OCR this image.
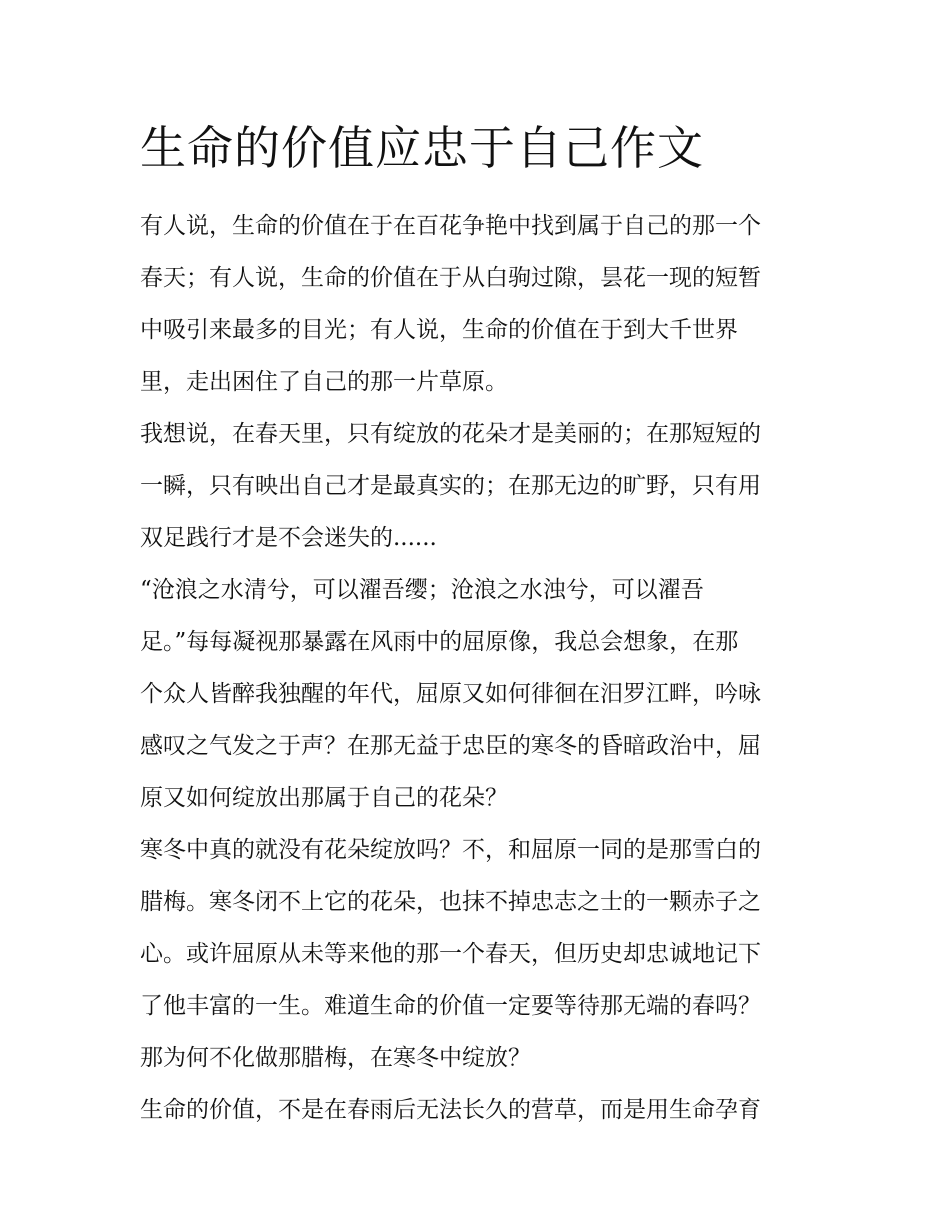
生命的价值应忠于自己作文
有人说，生命的价值在于在百花争艳中找到属于自己的那一个
春天；有人说，生命的价值在于从白驹过隙，昙花一现的短暂
中吸引来最多的目光；有人说，生命的价值在于到大千世界
里，走出困住了自己的那一片草原。
我想说，在春天里，只有绽放的花朵才是美丽的；在那短短的
一瞬，只有映出自己才是最真实的；在那无边的旷野，只有用
双足践行才是不会迷失的......
“沧浪之水清兮，可以濯吾缨；沧浪之水浊兮，可以濯吾
足。”每每凝视那暴露在风雨中的屈原像，我总会想象，在那
个众人皆醉我独醒的年代，屈原又如何徘徊在汨罗江畔，吟咏
感叹之气发之于声？在那无益于忠臣的寒冬的昏暗政治中，屈
原又如何绽放出那属于自己的花朵？
寒冬中真的就没有花朵绽放吗？不，和屈原一同的是那雪白的
腊梅。寒冬闭不上它的花朵，也抹不掉忠志之士的一颗赤子之
心。或许屈原从未等来他的那一个春天，但历史却忠诚地记下
了他丰富的一生。难道生命的价值一定要等待那无端的春吗？
那为何不化做那腊梅，在寒冬中绽放？
生命的价值，不是在春雨后无法长久的营草，而是用生命孕育
